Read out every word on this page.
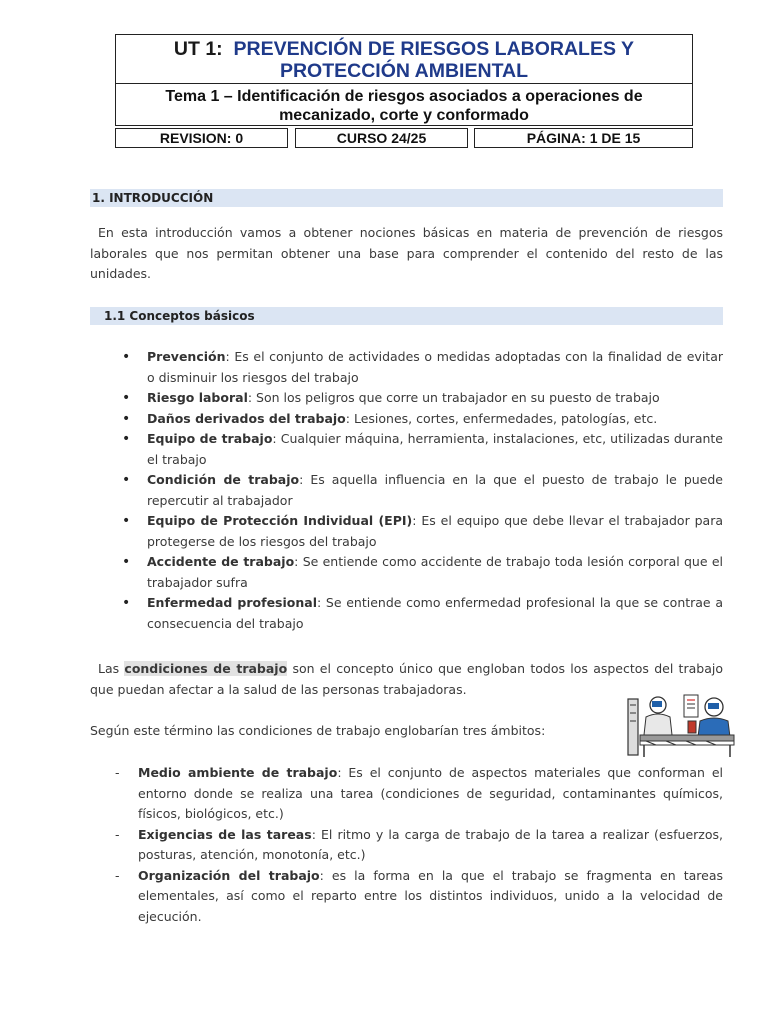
UT 1: PREVENCIÓN DE RIESGOS LABORALES Y
PROTECCIÓN AMBIENTAL
Tema 1 – Identificación de riesgos asociados a operaciones de
mecanizado, corte y conformado
REVISION: 0	CURSO 24/25	PÁGINA: 1 DE 15
1. INTRODUCCIÓN
En esta introducción vamos a obtener nociones básicas en materia de prevención de riesgos laborales que nos permitan obtener una base para comprender el contenido del resto de las unidades.
1.1 Conceptos básicos
• Prevención: Es el conjunto de actividades o medidas adoptadas con la finalidad de evitar o disminuir los riesgos del trabajo
• Riesgo laboral: Son los peligros que corre un trabajador en su puesto de trabajo
• Daños derivados del trabajo: Lesiones, cortes, enfermedades, patologías, etc.
• Equipo de trabajo: Cualquier máquina, herramienta, instalaciones, etc, utilizadas durante el trabajo
• Condición de trabajo: Es aquella influencia en la que el puesto de trabajo le puede repercutir al trabajador
• Equipo de Protección Individual (EPI): Es el equipo que debe llevar el trabajador para protegerse de los riesgos del trabajo
• Accidente de trabajo: Se entiende como accidente de trabajo toda lesión corporal que el trabajador sufra
• Enfermedad profesional: Se entiende como enfermedad profesional la que se contrae a consecuencia del trabajo
Las condiciones de trabajo son el concepto único que engloban todos los aspectos del trabajo que puedan afectar a la salud de las personas trabajadoras.
Según este término las condiciones de trabajo englobarían tres ámbitos:
- Medio ambiente de trabajo: Es el conjunto de aspectos materiales que conforman el entorno donde se realiza una tarea (condiciones de seguridad, contaminantes químicos, físicos, biológicos, etc.)
- Exigencias de las tareas: El ritmo y la carga de trabajo de la tarea a realizar (esfuerzos, posturas, atención, monotonía, etc.)
- Organización del trabajo: es la forma en la que el trabajo se fragmenta en tareas elementales, así como el reparto entre los distintos individuos, unido a la velocidad de ejecución.
